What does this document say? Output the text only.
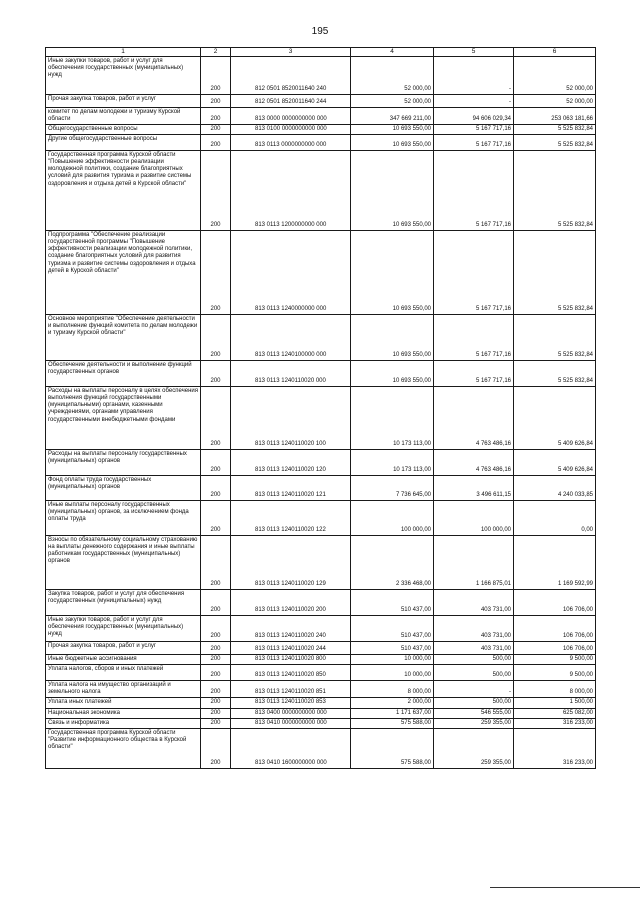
195
1	2	3	4	5	6
Иные закупки товаров, работ и услуг для обеспечения государственных (муниципальных) нужд	200	812 0501 8520011640 240	52 000,00	-	52 000,00
Прочая закупка товаров, работ и услуг	200	812 0501 8520011640 244	52 000,00	-	52 000,00
комитет по делам молодежи и туризму Курской области	200	813 0000 0000000000 000	347 669 211,00	94 606 029,34	253 063 181,66
Общегосударственные вопросы	200	813 0100 0000000000 000	10 693 550,00	5 167 717,16	5 525 832,84
Другие общегосударственные вопросы	200	813 0113 0000000000 000	10 693 550,00	5 167 717,16	5 525 832,84
Государственная программа Курской области "Повышение эффективности реализации молодежной политики, создание благоприятных условий для развития туризма и развитие системы оздоровления и отдыха детей в Курской области"	200	813 0113 1200000000 000	10 693 550,00	5 167 717,16	5 525 832,84
Подпрограмма "Обеспечение реализации государственной программы "Повышение эффективности реализации молодежной политики, создание благоприятных условий для развития туризма и развитие системы оздоровления и отдыха детей в Курской области"	200	813 0113 1240000000 000	10 693 550,00	5 167 717,16	5 525 832,84
Основное мероприятие "Обеспечение деятельности и выполнение функций комитета по делам молодежи и туризму Курской области"	200	813 0113 1240100000 000	10 693 550,00	5 167 717,16	5 525 832,84
Обеспечение деятельности и выполнение функций государственных органов	200	813 0113 1240110020 000	10 693 550,00	5 167 717,16	5 525 832,84
Расходы на выплаты персоналу в целях обеспечения выполнения функций государственными (муниципальными) органами, казенными учреждениями, органами управления государственными внебюджетными фондами	200	813 0113 1240110020 100	10 173 113,00	4 763 486,16	5 409 626,84
Расходы на выплаты персоналу государственных (муниципальных) органов	200	813 0113 1240110020 120	10 173 113,00	4 763 486,16	5 409 626,84
Фонд оплаты труда государственных (муниципальных) органов	200	813 0113 1240110020 121	7 736 645,00	3 496 611,15	4 240 033,85
Иные выплаты персоналу государственных (муниципальных) органов, за исключением фонда оплаты труда	200	813 0113 1240110020 122	100 000,00	100 000,00	0,00
Взносы по обязательному социальному страхованию на выплаты денежного содержания и иные выплаты работникам государственных (муниципальных) органов	200	813 0113 1240110020 129	2 336 468,00	1 166 875,01	1 169 592,99
Закупка товаров, работ и услуг для обеспечения государственных (муниципальных) нужд	200	813 0113 1240110020 200	510 437,00	403 731,00	106 706,00
Иные закупки товаров, работ и услуг для обеспечения государственных (муниципальных) нужд	200	813 0113 1240110020 240	510 437,00	403 731,00	106 706,00
Прочая закупка товаров, работ и услуг	200	813 0113 1240110020 244	510 437,00	403 731,00	106 706,00
Иные бюджетные ассигнования	200	813 0113 1240110020 800	10 000,00	500,00	9 500,00
Уплата налогов, сборов и иных платежей	200	813 0113 1240110020 850	10 000,00	500,00	9 500,00
Уплата налога на имущество организаций и земельного налога	200	813 0113 1240110020 851	8 000,00	-	8 000,00
Уплата иных платежей	200	813 0113 1240110020 853	2 000,00	500,00	1 500,00
Национальная экономика	200	813 0400 0000000000 000	1 171 637,00	546 555,00	625 082,00
Связь и информатика	200	813 0410 0000000000 000	575 588,00	259 355,00	316 233,00
Государственная программа Курской области "Развитие информационного общества в Курской области"	200	813 0410 1600000000 000	575 588,00	259 355,00	316 233,00
